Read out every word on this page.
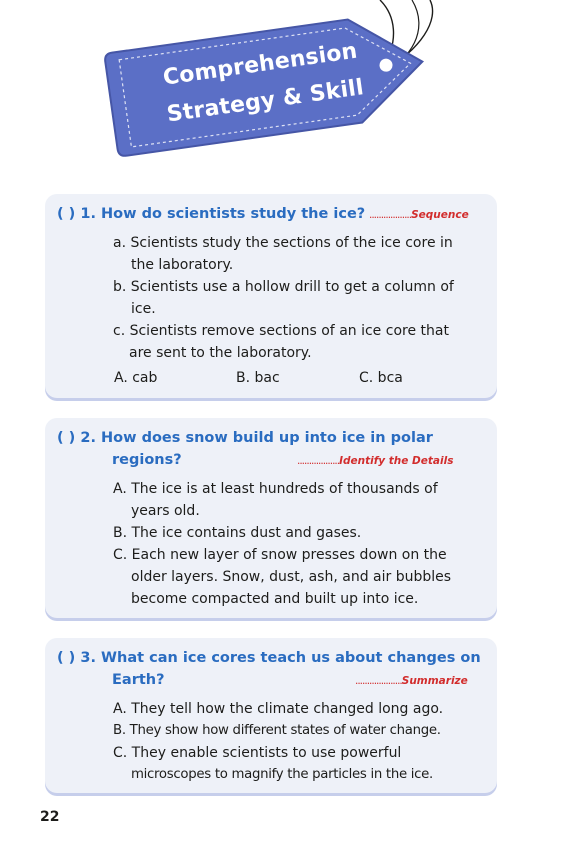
Comprehension
Strategy & Skill
( ) 1. How do scientists study the ice? ..................Sequence
a. Scientists study the sections of the ice core in
the laboratory.
b. Scientists use a hollow drill to get a column of
ice.
c. Scientists remove sections of an ice core that
are sent to the laboratory.
A. cab	B. bac	C. bca
( ) 2. How does snow build up into ice in polar
regions?	..................Identify the Details
A. The ice is at least hundreds of thousands of
years old.
B. The ice contains dust and gases.
C. Each new layer of snow presses down on the
older layers. Snow, dust, ash, and air bubbles
become compacted and built up into ice.
( ) 3. What can ice cores teach us about changes on
Earth?	....................Summarize
A. They tell how the climate changed long ago.
B. They show how different states of water change.
C. They enable scientists to use powerful
microscopes to magnify the particles in the ice.
22
